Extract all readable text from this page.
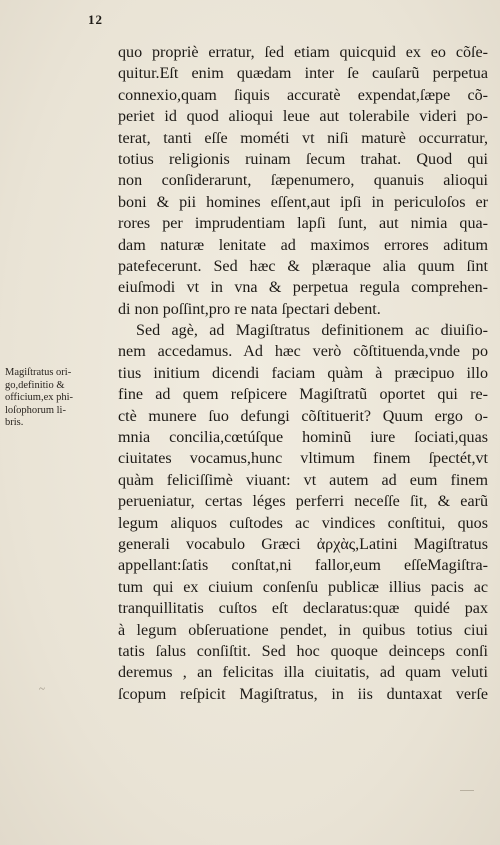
12
quo propriè erratur, ſed etiam quicquid ex eo cõſe-
quitur.Eſt enim quædam inter ſe cauſarũ perpetua
connexio,quam ſiquis accuratè expendat,ſæpe cõ-
periet id quod alioqui leue aut tolerabile videri po-
terat, tanti eſſe mométi vt niſi maturè occurratur,
totius religionis ruinam ſecum trahat. Quod qui
non conſiderarunt, ſæpenumero, quanuis alioqui
boni & pii homines eſſent,aut ipſi in periculoſos er
rores per imprudentiam lapſi ſunt, aut nimia qua-
dam naturæ lenitate ad maximos errores aditum
patefecerunt. Sed hæc & plæraque alia quum ſint
eiuſmodi vt in vna & perpetua regula comprehen-
di non poſſint,pro re nata ſpectari debent.
Sed agè, ad Magiſtratus definitionem ac diuiſio-
nem accedamus. Ad hæc verò cõſtituenda,vnde po
tius initium dicendi faciam quàm à præcipuo illo
fine ad quem reſpicere Magiſtratũ oportet qui re-
ctè munere ſuo defungi cõſtituerit? Quum ergo o-
mnia concilia,cœtúſque hominũ iure ſociati,quas
ciuitates vocamus,hunc vltimum finem ſpectét,vt
quàm feliciſſimè viuant: vt autem ad eum finem
perueniatur, certas léges perferri neceſſe ſit, & earũ
legum aliquos cuſtodes ac vindices conſtitui, quos
generali vocabulo Græci ἀρχὰς,Latini Magiſtratus
appellant:ſatis conſtat,ni fallor,eum eſſeMagiſtra-
tum qui ex ciuium conſenſu publicæ illius pacis ac
tranquillitatis cuſtos eſt declaratus:quæ quidé pax
à legum obſeruatione pendet, in quibus totius ciui
tatis ſalus conſiſtit. Sed hoc quoque deinceps conſi
deremus , an felicitas illa ciuitatis, ad quam veluti
ſcopum reſpicit Magiſtratus, in iis duntaxat verſe
Magiſtratus ori-
go,definitio &
officium,ex phi-
loſophorum li-
bris.
~
